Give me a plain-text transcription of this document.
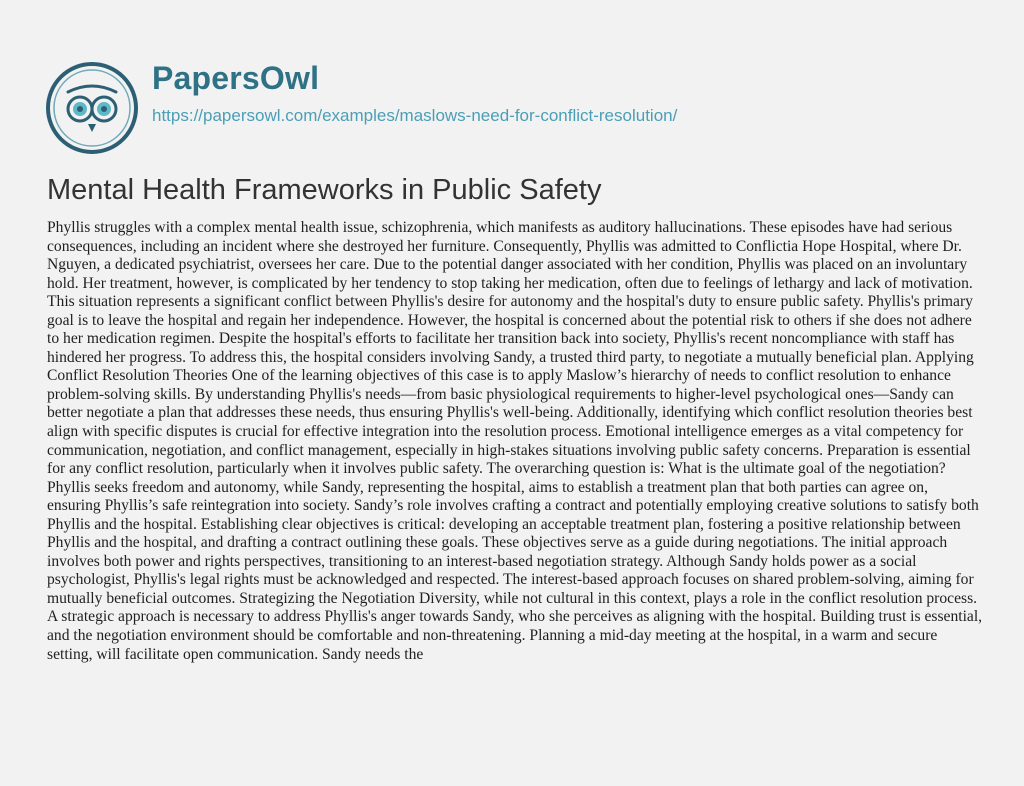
PapersOwl
https://papersowl.com/examples/maslows-need-for-conflict-resolution/
Mental Health Frameworks in Public Safety

Phyllis struggles with a complex mental health issue, schizophrenia, which manifests as auditory hallucinations. These episodes have had serious consequences, including an incident where she destroyed her furniture. Consequently, Phyllis was admitted to Conflictia Hope Hospital, where Dr. Nguyen, a dedicated psychiatrist, oversees her care. Due to the potential danger associated with her condition, Phyllis was placed on an involuntary hold. Her treatment, however, is complicated by her tendency to stop taking her medication, often due to feelings of lethargy and lack of motivation. This situation represents a significant conflict between Phyllis's desire for autonomy and the hospital's duty to ensure public safety. Phyllis's primary goal is to leave the hospital and regain her independence. However, the hospital is concerned about the potential risk to others if she does not adhere to her medication regimen. Despite the hospital's efforts to facilitate her transition back into society, Phyllis's recent noncompliance with staff has hindered her progress. To address this, the hospital considers involving Sandy, a trusted third party, to negotiate a mutually beneficial plan. Applying Conflict Resolution Theories One of the learning objectives of this case is to apply Maslow’s hierarchy of needs to conflict resolution to enhance problem-solving skills. By understanding Phyllis's needs—from basic physiological requirements to higher-level psychological ones—Sandy can better negotiate a plan that addresses these needs, thus ensuring Phyllis's well-being. Additionally, identifying which conflict resolution theories best align with specific disputes is crucial for effective integration into the resolution process. Emotional intelligence emerges as a vital competency for communication, negotiation, and conflict management, especially in high-stakes situations involving public safety concerns. Preparation is essential for any conflict resolution, particularly when it involves public safety. The overarching question is: What is the ultimate goal of the negotiation? Phyllis seeks freedom and autonomy, while Sandy, representing the hospital, aims to establish a treatment plan that both parties can agree on, ensuring Phyllis’s safe reintegration into society. Sandy’s role involves crafting a contract and potentially employing creative solutions to satisfy both Phyllis and the hospital. Establishing clear objectives is critical: developing an acceptable treatment plan, fostering a positive relationship between Phyllis and the hospital, and drafting a contract outlining these goals. These objectives serve as a guide during negotiations. The initial approach involves both power and rights perspectives, transitioning to an interest-based negotiation strategy. Although Sandy holds power as a social psychologist, Phyllis's legal rights must be acknowledged and respected. The interest-based approach focuses on shared problem-solving, aiming for mutually beneficial outcomes. Strategizing the Negotiation Diversity, while not cultural in this context, plays a role in the conflict resolution process. A strategic approach is necessary to address Phyllis's anger towards Sandy, who she perceives as aligning with the hospital. Building trust is essential, and the negotiation environment should be comfortable and non-threatening. Planning a mid-day meeting at the hospital, in a warm and secure setting, will facilitate open communication. Sandy needs the
